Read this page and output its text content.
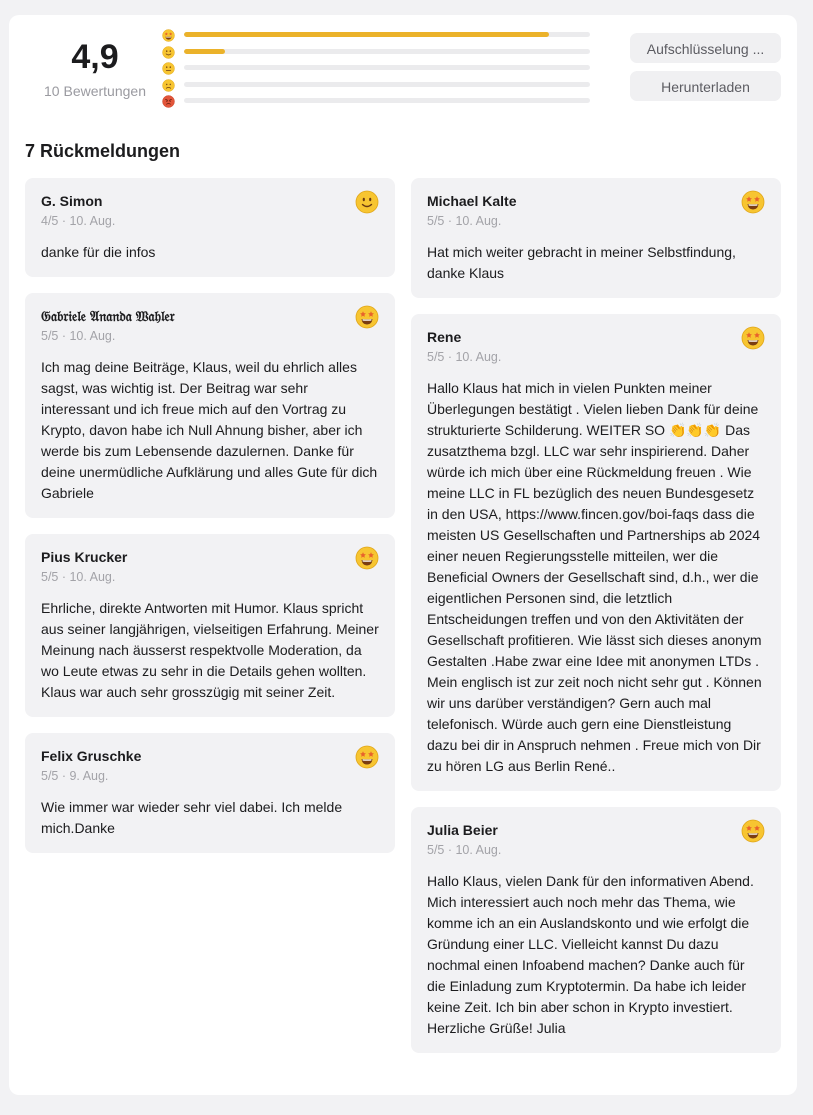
4,9
10 Bewertungen
Aufschlüsselung ...
Herunterladen
7 Rückmeldungen
G. Simon
4/5 · 10. Aug.
danke für die infos
𝔊𝔞𝔟𝔯𝔦𝔢𝔩𝔢 𝔄𝔫𝔞𝔫𝔡𝔞 𝔚𝔞𝔥𝔩𝔢𝔯
5/5 · 10. Aug.
Ich mag deine Beiträge, Klaus, weil du ehrlich alles sagst, was wichtig ist. Der Beitrag war sehr interessant und ich freue mich auf den Vortrag zu Krypto, davon habe ich Null Ahnung bisher, aber ich werde bis zum Lebensende dazulernen. Danke für deine unermüdliche Aufklärung und alles Gute für dich
Gabriele
Pius Krucker
5/5 · 10. Aug.
Ehrliche, direkte Antworten mit Humor. Klaus spricht aus seiner langjährigen, vielseitigen Erfahrung. Meiner Meinung nach äusserst respektvolle Moderation, da wo Leute etwas zu sehr in die Details gehen wollten. Klaus war auch sehr grosszügig mit seiner Zeit.
Felix Gruschke
5/5 · 9. Aug.
Wie immer war wieder sehr viel dabei. Ich melde mich.Danke
Michael Kalte
5/5 · 10. Aug.
Hat mich weiter gebracht in meiner Selbstfindung, danke Klaus
Rene
5/5 · 10. Aug.
Hallo Klaus hat mich in vielen Punkten meiner Überlegungen bestätigt . Vielen lieben Dank für deine strukturierte Schilderung. WEITER SO 👏👏👏 Das zusatzthema bzgl. LLC war sehr inspirierend. Daher würde ich mich über eine Rückmeldung freuen . Wie meine LLC in FL bezüglich des neuen Bundesgesetz in den USA, https://www.fincen.gov/boi-faqs dass die meisten US Gesellschaften und Partnerships ab 2024 einer neuen Regierungsstelle mitteilen, wer die Beneficial Owners der Gesellschaft sind, d.h., wer die eigentlichen Personen sind, die letztlich Entscheidungen treffen und von den Aktivitäten der Gesellschaft profitieren. Wie lässt sich dieses anonym Gestalten .Habe zwar eine Idee mit anonymen LTDs . Mein englisch ist zur zeit noch nicht sehr gut . Können wir uns darüber verständigen? Gern auch mal telefonisch. Würde auch gern eine Dienstleistung dazu bei dir in Anspruch nehmen . Freue mich von Dir zu hören LG aus Berlin René..
Julia Beier
5/5 · 10. Aug.
Hallo Klaus, vielen Dank für den informativen Abend. Mich interessiert auch noch mehr das Thema, wie komme ich an ein Auslandskonto und wie erfolgt die Gründung einer LLC. Vielleicht kannst Du dazu nochmal einen Infoabend machen? Danke auch für die Einladung zum Kryptotermin. Da habe ich leider keine Zeit. Ich bin aber schon in Krypto investiert. Herzliche Grüße! Julia
